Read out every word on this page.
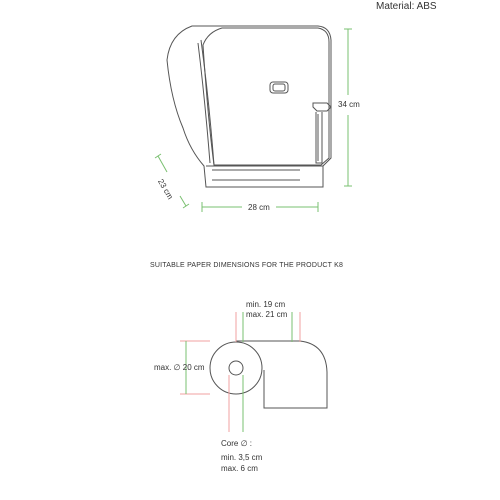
Material: ABS
34 cm
23 cm
28 cm
SUITABLE PAPER DIMENSIONS FOR THE PRODUCT K8
min. 19 cm
max. 21 cm
max. ∅ 20 cm
Core ∅ :
min. 3,5 cm
max. 6 cm
